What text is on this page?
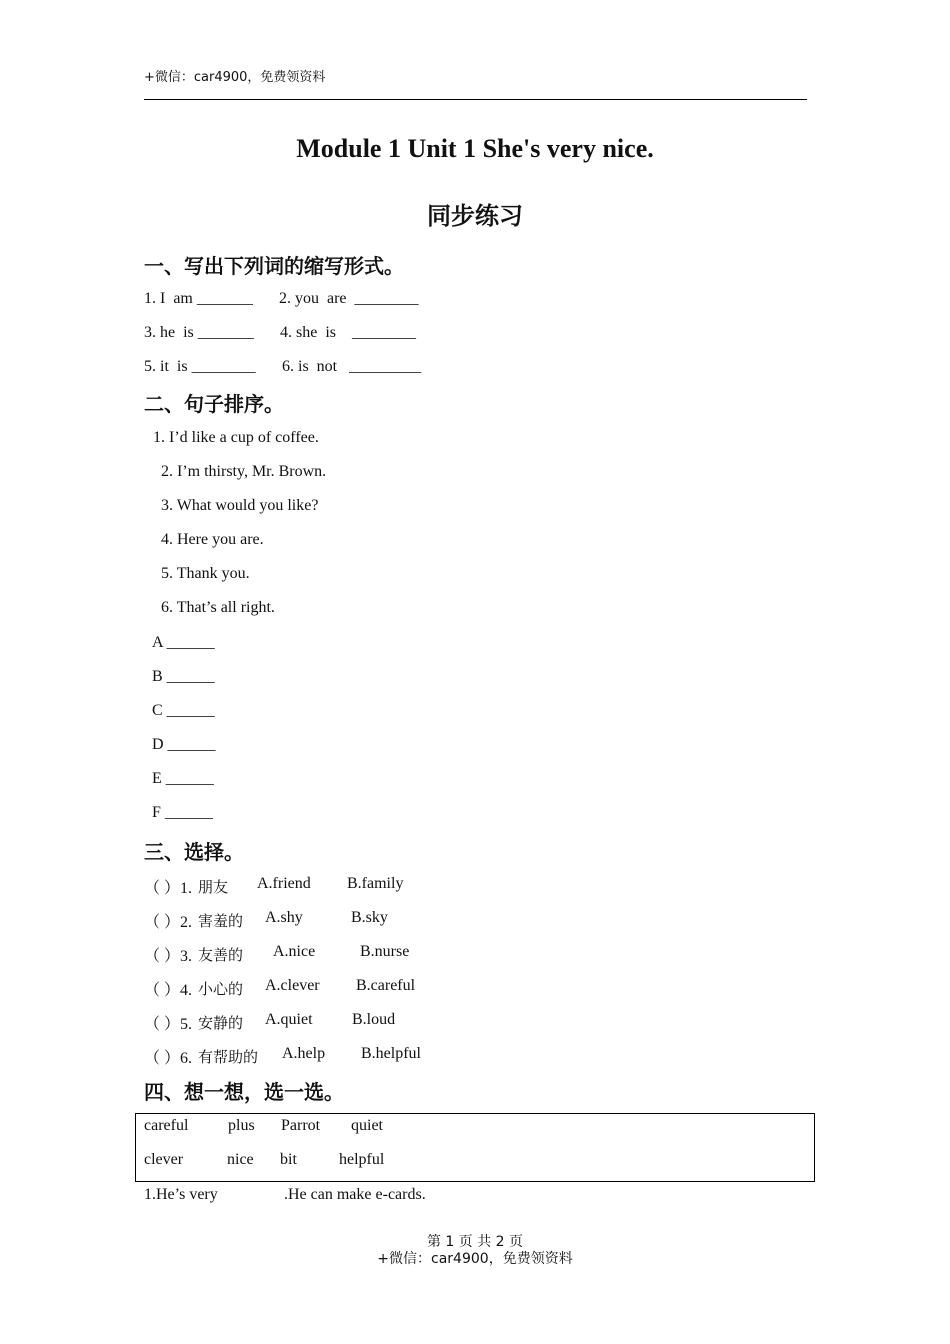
+微信：car4900，免费领资料
Module 1 Unit 1 She's very nice.
同步练习
一、写出下列词的缩写形式。
1. I  am _______ 2. you  are  ________
3. he  is _______ 4. she  is    ________
5. it  is ________ 6. is  not   _________
二、句子排序。
1. I’d like a cup of coffee.
2. I’m thirsty, Mr. Brown.
3. What would you like?
4. Here you are.
5. Thank you.
6. That’s all right.
A ______
B ______
C ______
D ______
E ______
F ______
三、选择。
（ ）1. 朋友 A.friend B.family
（ ）2. 害羞的 A.shy	B.sky
（ ）3. 友善的 A.nice	B.nurse
（ ）4. 小心的 A.clever B.careful
（ ）5. 安静的 A.quiet B.loud
（ ）6. 有帮助的 A.help B.helpful
四、想一想，选一选。
careful plus Parrot quiet
clever	nice bit	helpful
1.He’s very	.He can make e-cards.
第 1 页 共 2 页
+微信：car4900，免费领资料
